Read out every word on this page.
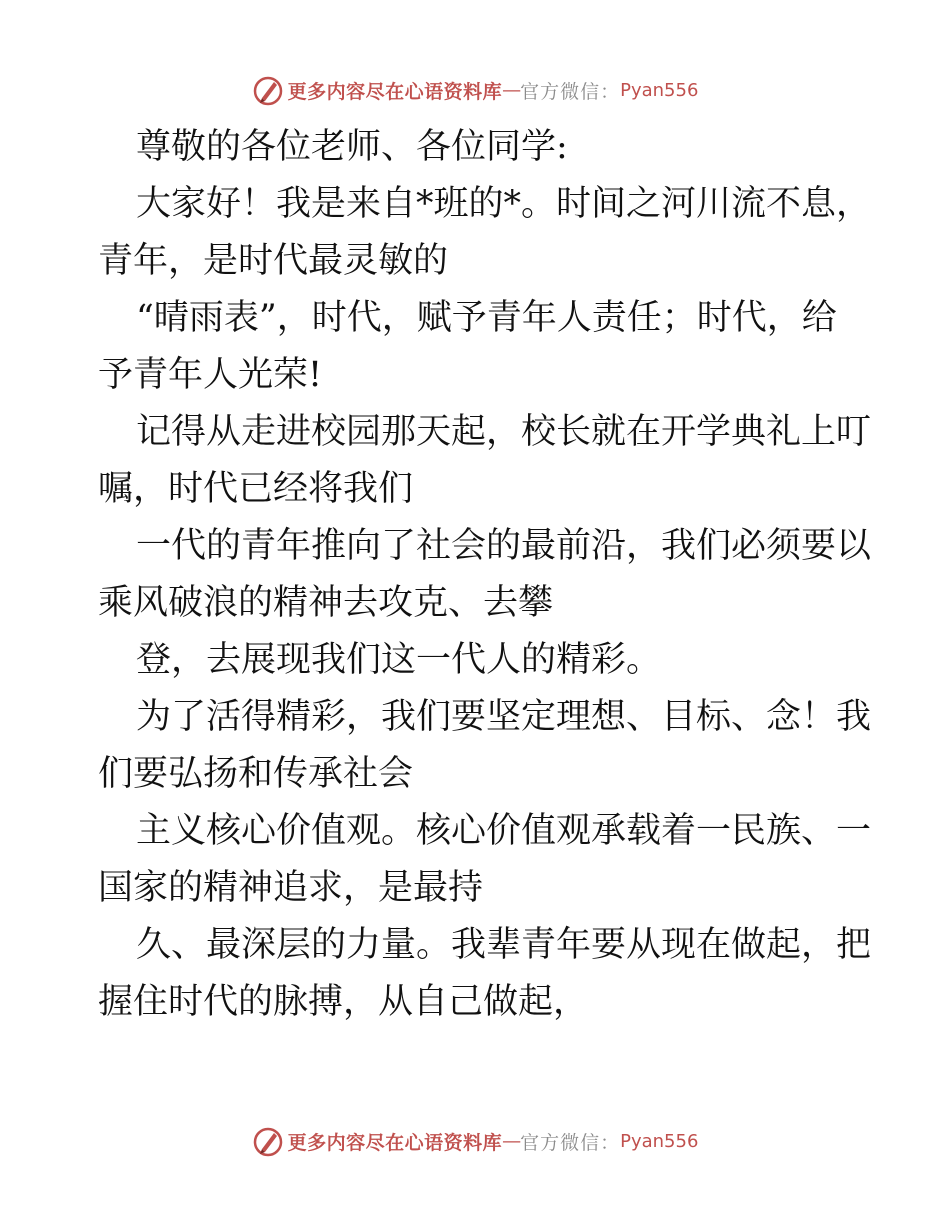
更多内容尽在心语资料库 — 官方微信： Pyan556
尊敬的各位老师、各位同学:
大家好！我是来自*班的*。时间之河川流不息，
青年，是时代最灵敏的
“晴雨表”，时代，赋予青年人责任；时代，给
予青年人光荣!
记得从走进校园那天起，校长就在开学典礼上叮
嘱，时代已经将我们
一代的青年推向了社会的最前沿，我们必须要以
乘风破浪的精神去攻克、去攀
登，去展现我们这一代人的精彩。
为了活得精彩，我们要坚定理想、目标、念！我
们要弘扬和传承社会
主义核心价值观。核心价值观承载着一民族、一
国家的精神追求，是最持
久、最深层的力量。我辈青年要从现在做起，把
握住时代的脉搏，从自己做起，
更多内容尽在心语资料库 — 官方微信： Pyan556
